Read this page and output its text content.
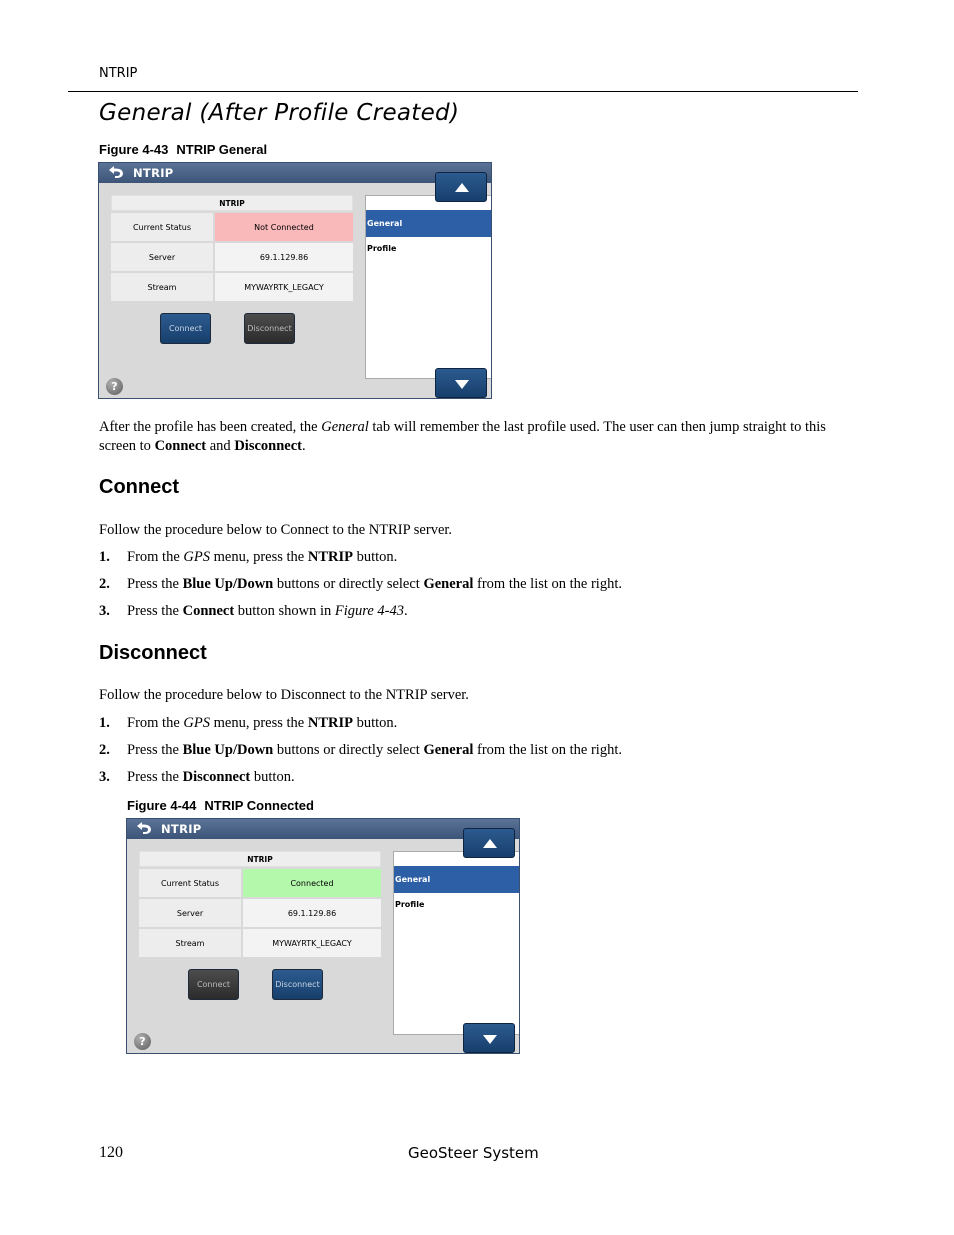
NTRIP
General (After Profile Created)
Figure 4-43 NTRIP General
NTRIP
NTRIP
Current Status	Not Connected
Server	69.1.129.86
Stream	MYWAYRTK_LEGACY
Connect	Disconnect
General
Profile
?
After the profile has been created, the General tab will remember the last profile used. The user can then jump straight to this screen to Connect and Disconnect.
Connect
Follow the procedure below to Connect to the NTRIP server.
1. From the GPS menu, press the NTRIP button.
2. Press the Blue Up/Down buttons or directly select General from the list on the right.
3. Press the Connect button shown in Figure 4-43.
Disconnect
Follow the procedure below to Disconnect to the NTRIP server.
1. From the GPS menu, press the NTRIP button.
2. Press the Blue Up/Down buttons or directly select General from the list on the right.
3. Press the Disconnect button.
Figure 4-44 NTRIP Connected
NTRIP
NTRIP
Current Status	Connected
Server	69.1.129.86
Stream	MYWAYRTK_LEGACY
Connect	Disconnect
General
Profile
?
120	GeoSteer System
